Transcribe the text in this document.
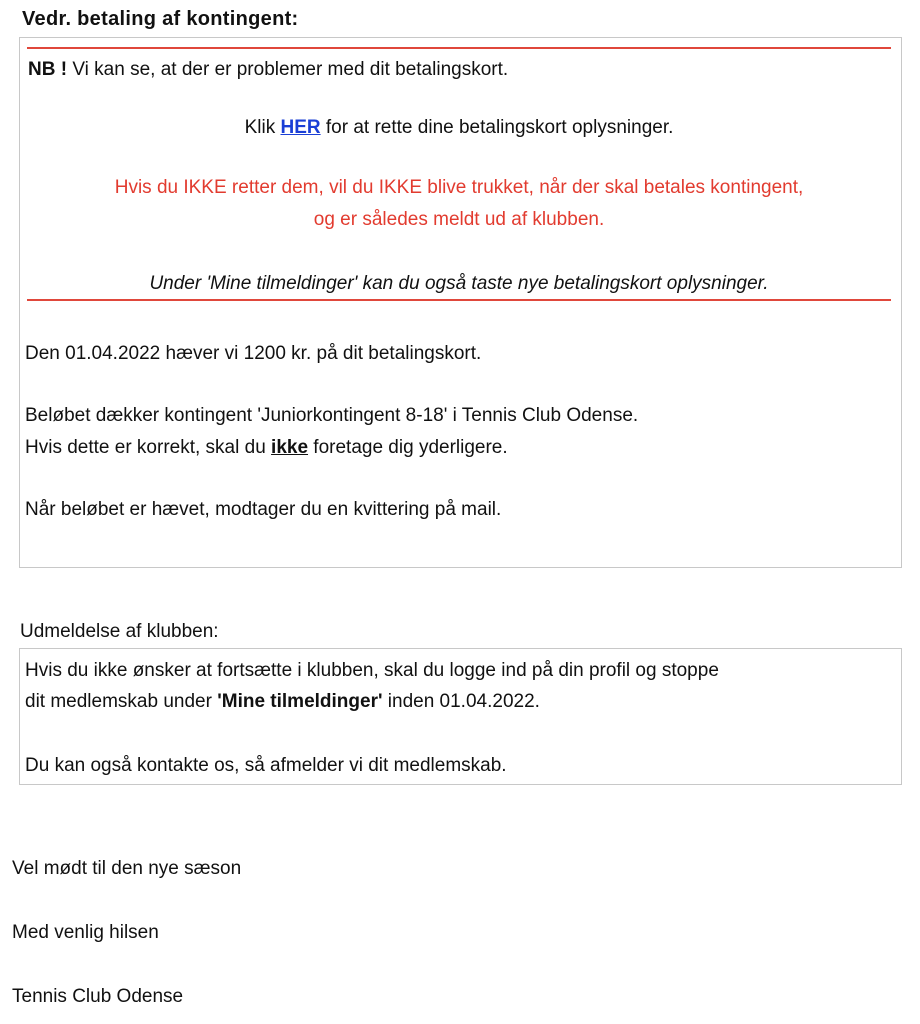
Vedr. betaling af kontingent:
NB ! Vi kan se, at der er problemer med dit betalingskort.
Klik HER for at rette dine betalingskort oplysninger.
Hvis du IKKE retter dem, vil du IKKE blive trukket, når der skal betales kontingent,
og er således meldt ud af klubben.
Under 'Mine tilmeldinger' kan du også taste nye betalingskort oplysninger.
Den 01.04.2022 hæver vi 1200 kr. på dit betalingskort.
Beløbet dækker kontingent 'Juniorkontingent 8-18' i Tennis Club Odense.
Hvis dette er korrekt, skal du ikke foretage dig yderligere.
Når beløbet er hævet, modtager du en kvittering på mail.
Udmeldelse af klubben:
Hvis du ikke ønsker at fortsætte i klubben, skal du logge ind på din profil og stoppe
dit medlemskab under 'Mine tilmeldinger' inden 01.04.2022.
Du kan også kontakte os, så afmelder vi dit medlemskab.
Vel mødt til den nye sæson
Med venlig hilsen
Tennis Club Odense
